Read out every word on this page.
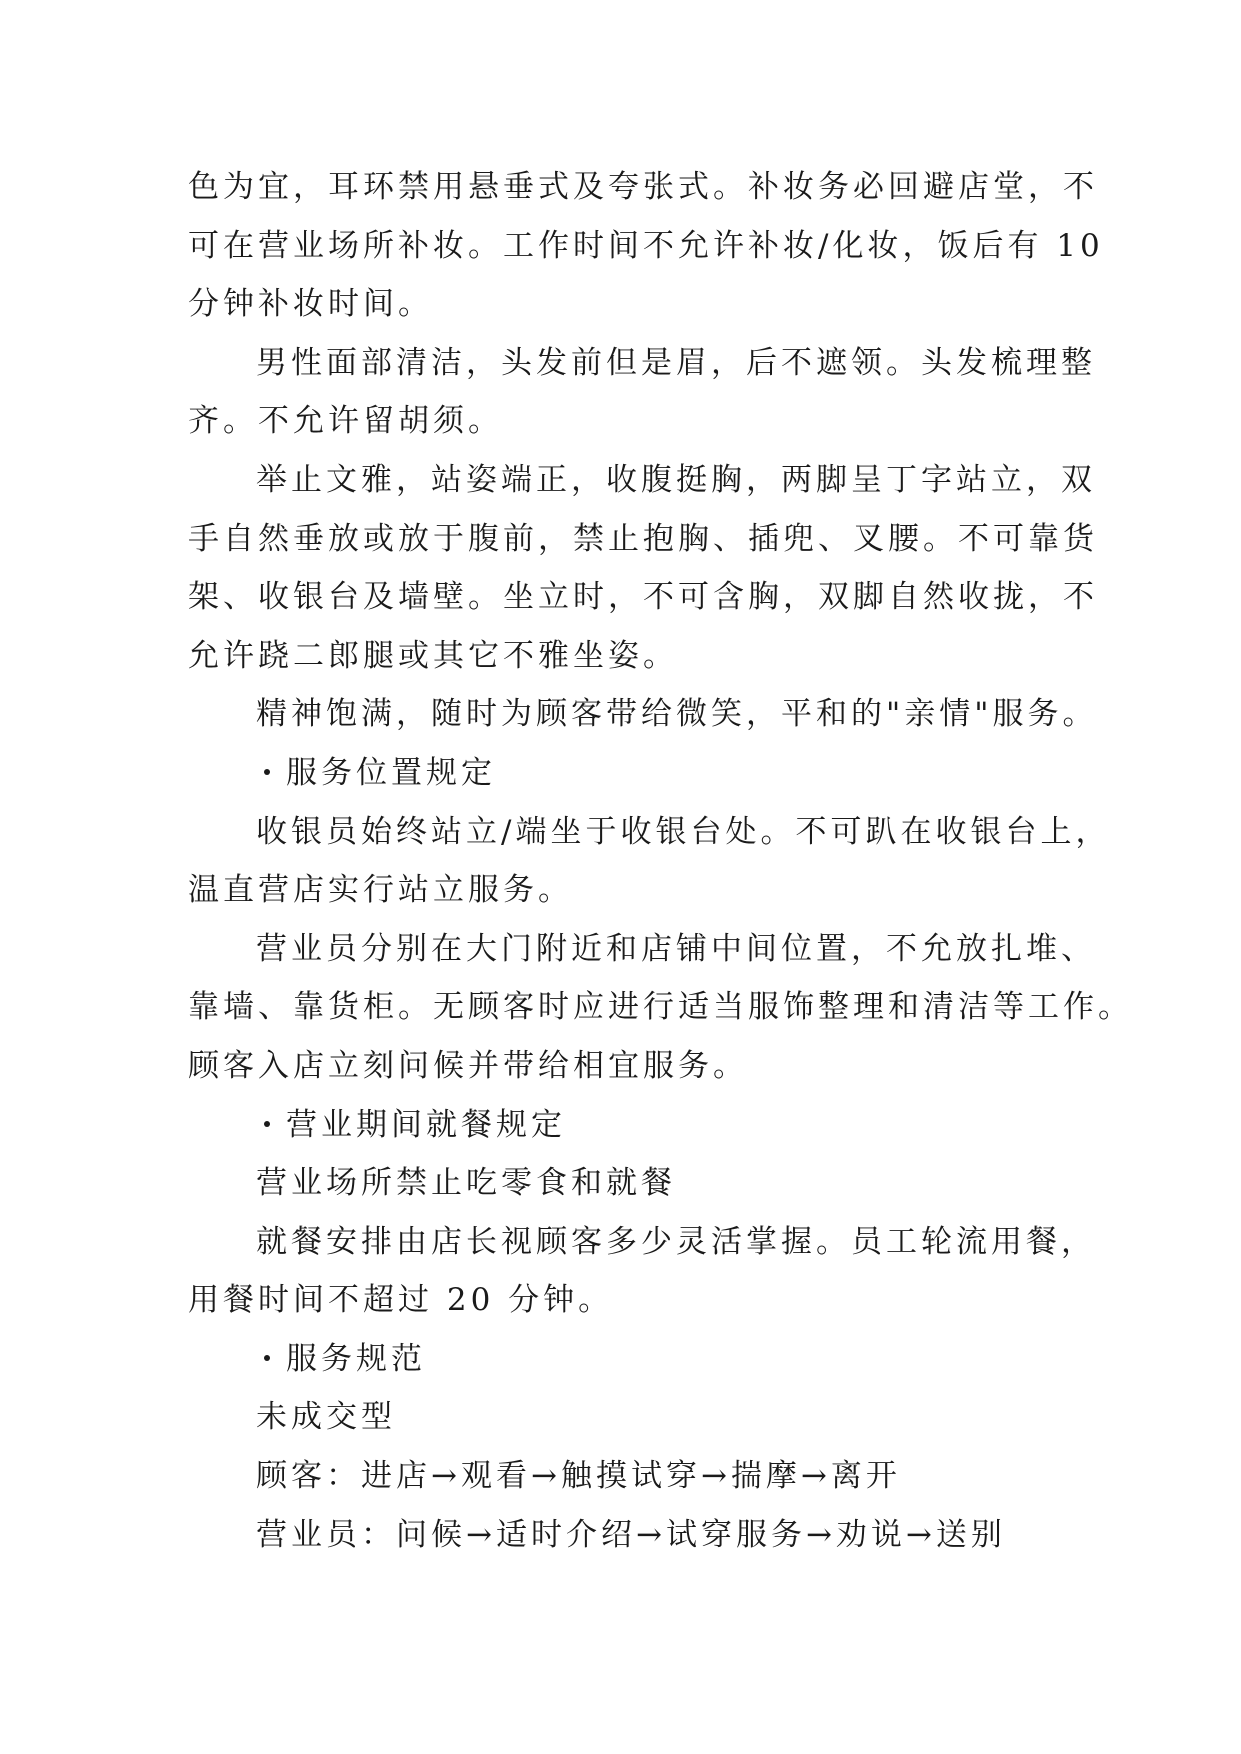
色为宜，耳环禁用悬垂式及夸张式。补妆务必回避店堂，不
可在营业场所补妆。工作时间不允许补妆/化妆，饭后有 10
分钟补妆时间。
男性面部清洁，头发前但是眉，后不遮领。头发梳理整
齐。不允许留胡须。
举止文雅，站姿端正，收腹挺胸，两脚呈丁字站立，双
手自然垂放或放于腹前，禁止抱胸、插兜、叉腰。不可靠货
架、收银台及墙壁。坐立时，不可含胸，双脚自然收拢，不
允许跷二郎腿或其它不雅坐姿。
精神饱满，随时为顾客带给微笑，平和的"亲情"服务。
服务位置规定
收银员始终站立/端坐于收银台处。不可趴在收银台上，
温直营店实行站立服务。
营业员分别在大门附近和店铺中间位置，不允放扎堆、
靠墙、靠货柜。无顾客时应进行适当服饰整理和清洁等工作。
顾客入店立刻问候并带给相宜服务。
营业期间就餐规定
营业场所禁止吃零食和就餐
就餐安排由店长视顾客多少灵活掌握。员工轮流用餐，
用餐时间不超过 20 分钟。
服务规范
未成交型
顾客：进店→观看→触摸试穿→揣摩→离开
营业员：问候→适时介绍→试穿服务→劝说→送别
